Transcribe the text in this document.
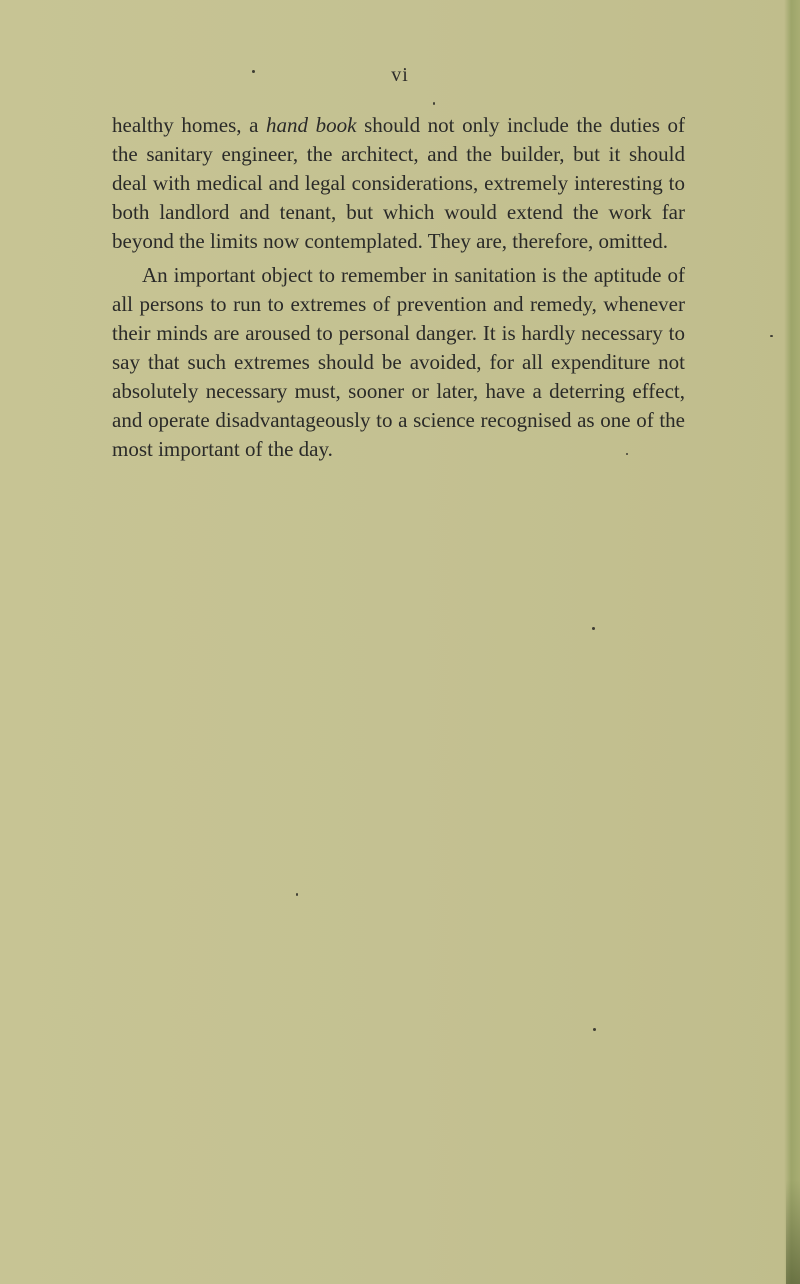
vi

healthy homes, a hand book should not only include the duties of the sanitary engineer, the architect, and the builder, but it should deal with medical and legal considerations, extremely interesting to both landlord and tenant, but which would extend the work far beyond the limits now contemplated. They are, therefore, omitted.

An important object to remember in sanitation is the aptitude of all persons to run to extremes of prevention and remedy, whenever their minds are aroused to personal danger. It is hardly necessary to say that such extremes should be avoided, for all expenditure not absolutely necessary must, sooner or later, have a deterring effect, and operate disadvantageously to a science recognised as one of the most important of the day.
